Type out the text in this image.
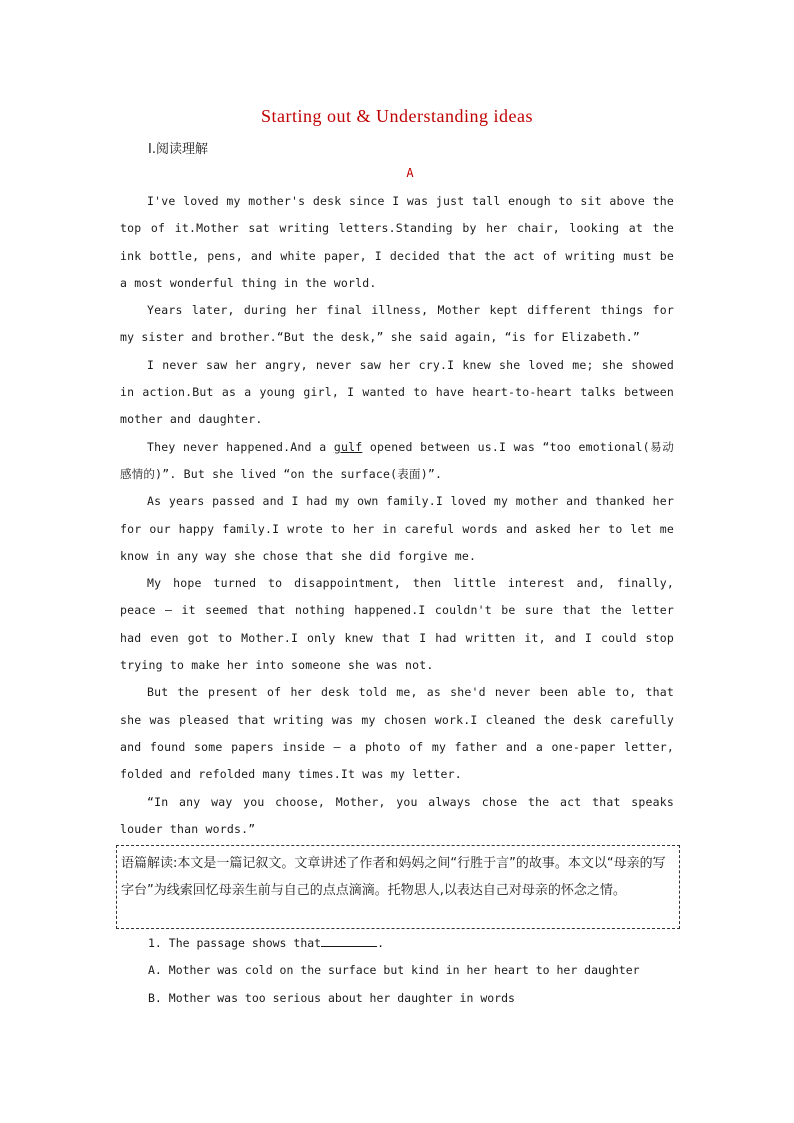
Starting out & Understanding ideas
Ⅰ.阅读理解
A

I've loved my mother's desk since I was just tall enough to sit above the top of it.Mother sat writing letters.Standing by her chair, looking at the ink bottle, pens, and white paper, I decided that the act of writing must be a most wonderful thing in the world.

Years later, during her final illness, Mother kept different things for my sister and brother.“But the desk,” she said again, “is for Elizabeth.”

I never saw her angry, never saw her cry.I knew she loved me; she showed in action.But as a young girl, I wanted to have heart-to-heart talks between mother and daughter.

They never happened.And a gulf opened between us.I was “too emotional(易动感情的)”. But she lived “on the surface(表面)”.

As years passed and I had my own family.I loved my mother and thanked her for our happy family.I wrote to her in careful words and asked her to let me know in any way she chose that she did forgive me.

My hope turned to disappointment, then little interest and, finally, peace — it seemed that nothing happened.I couldn't be sure that the letter had even got to Mother.I only knew that I had written it, and I could stop trying to make her into someone she was not.

But the present of her desk told me, as she'd never been able to, that she was pleased that writing was my chosen work.I cleaned the desk carefully and found some papers inside — a photo of my father and a one-paper letter, folded and refolded many times.It was my letter.

“In any way you choose, Mother, you always chose the act that speaks louder than words.”

语篇解读:本文是一篇记叙文。文章讲述了作者和妈妈之间“行胜于言”的故事。本文以“母亲的写字台”为线索回忆母亲生前与自己的点点滴滴。托物思人,以表达自己对母亲的怀念之情。
1. The passage shows that	.
A. Mother was cold on the surface but kind in her heart to her daughter
B. Mother was too serious about her daughter in words
